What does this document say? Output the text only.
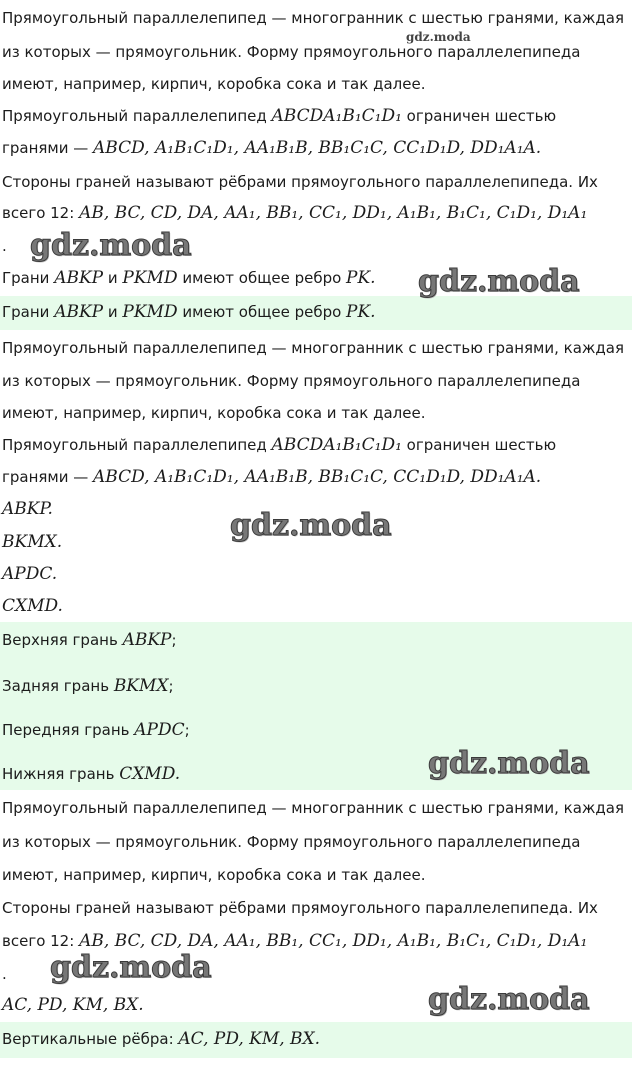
Прямоугольный параллелепипед — многогранник с шестью гранями, каждая
из которых — прямоугольник. Форму прямоугольного параллелепипеда
имеют, например, кирпич, коробка сока и так далее.
Прямоугольный параллелепипед ABCDA₁B₁C₁D₁ ограничен шестью
гранями — ABCD, A₁B₁C₁D₁, AA₁B₁B, BB₁C₁C, CC₁D₁D, DD₁A₁A.
Стороны граней называют рёбрами прямоугольного параллелепипеда. Их
всего 12: AB, BC, CD, DA, AA₁, BB₁, CC₁, DD₁, A₁B₁, B₁C₁, C₁D₁, D₁A₁
.
Грани ABKP и PKMD имеют общее ребро PK.
Грани ABKP и PKMD имеют общее ребро PK.
Прямоугольный параллелепипед — многогранник с шестью гранями, каждая
из которых — прямоугольник. Форму прямоугольного параллелепипеда
имеют, например, кирпич, коробка сока и так далее.
Прямоугольный параллелепипед ABCDA₁B₁C₁D₁ ограничен шестью
гранями — ABCD, A₁B₁C₁D₁, AA₁B₁B, BB₁C₁C, CC₁D₁D, DD₁A₁A.
ABKP.
BKMX.
APDC.
CXMD.
Верхняя грань ABKP;
Задняя грань BKMX;
Передняя грань APDC;
Нижняя грань CXMD.
Прямоугольный параллелепипед — многогранник с шестью гранями, каждая
из которых — прямоугольник. Форму прямоугольного параллелепипеда
имеют, например, кирпич, коробка сока и так далее.
Стороны граней называют рёбрами прямоугольного параллелепипеда. Их
всего 12: AB, BC, CD, DA, AA₁, BB₁, CC₁, DD₁, A₁B₁, B₁C₁, C₁D₁, D₁A₁
.
AC, PD, KM, BX.
Вертикальные рёбра: AC, PD, KM, BX.
gdz.moda
gdz.moda
gdz.moda
gdz.moda
gdz.moda
gdz.moda
gdz.moda
